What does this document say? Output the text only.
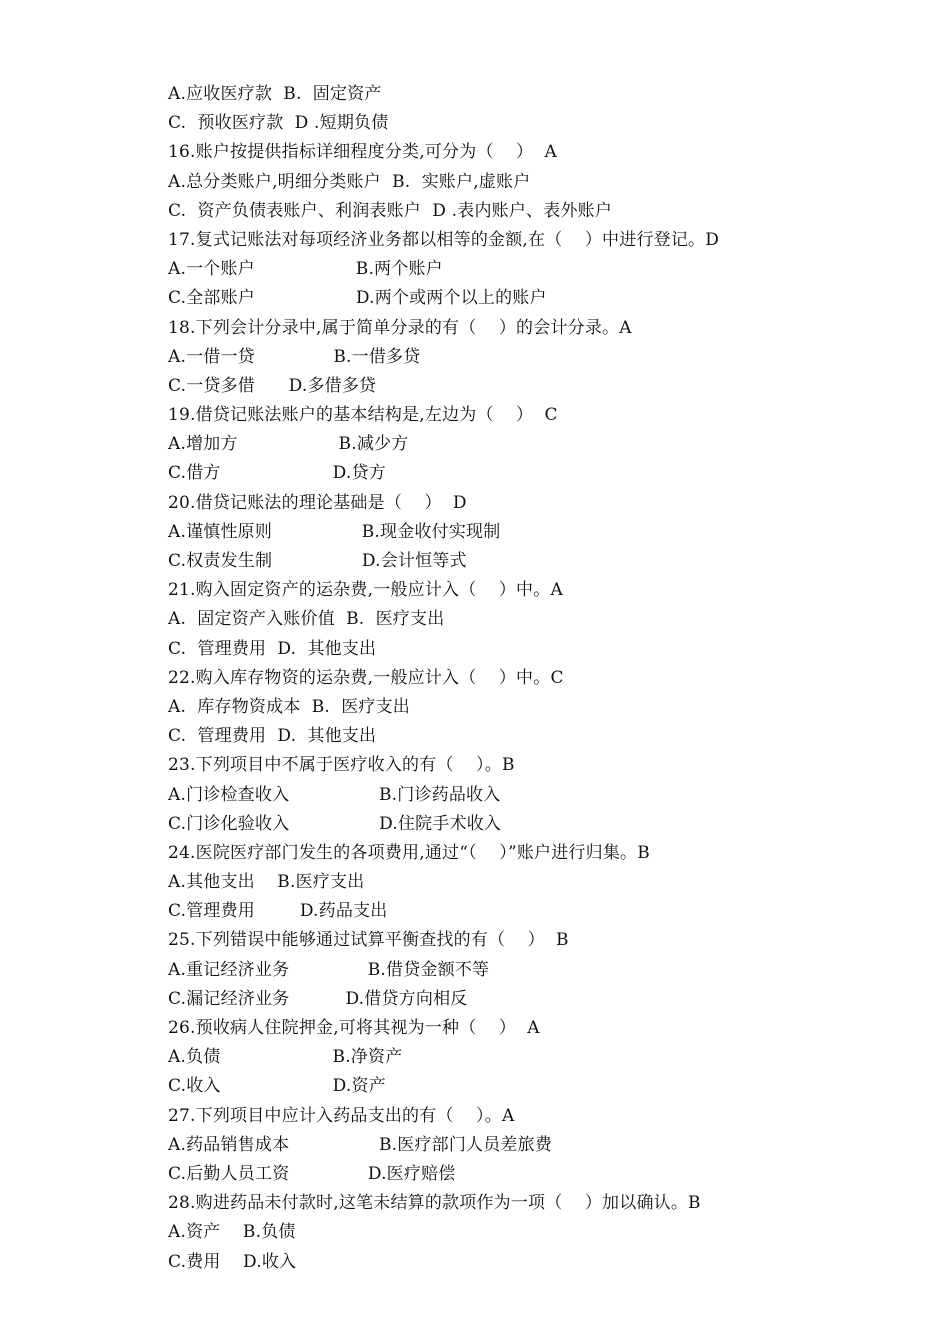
A.应收医疗款  B.  固定资产
C.  预收医疗款  D .短期负债
16.账户按提供指标详细程度分类,可分为（    ）  A
A.总分类账户,明细分类账户  B.  实账户,虚账户
C.  资产负债表账户、利润表账户  D .表内账户、表外账户
17.复式记账法对每项经济业务都以相等的金额,在（    ）中进行登记。D
A.一个账户                  B.两个账户
C.全部账户                  D.两个或两个以上的账户
18.下列会计分录中,属于简单分录的有（    ）的会计分录。A
A.一借一贷              B.一借多贷
C.一贷多借      D.多借多贷
19.借贷记账法账户的基本结构是,左边为（    ）  C
A.增加方                  B.减少方
C.借方                    D.贷方
20.借贷记账法的理论基础是（    ）  D
A.谨慎性原则                B.现金收付实现制
C.权责发生制                D.会计恒等式
21.购入固定资产的运杂费,一般应计入（    ）中。A
A.  固定资产入账价值  B.  医疗支出
C.  管理费用  D.  其他支出
22.购入库存物资的运杂费,一般应计入（    ）中。C
A.  库存物资成本  B.  医疗支出
C.  管理费用  D.  其他支出
23.下列项目中不属于医疗收入的有（    ）。B
A.门诊检查收入                B.门诊药品收入
C.门诊化验收入                D.住院手术收入
24.医院医疗部门发生的各项费用,通过“（    ）”账户进行归集。B
A.其他支出    B.医疗支出
C.管理费用        D.药品支出
25.下列错误中能够通过试算平衡查找的有（    ）  B
A.重记经济业务              B.借贷金额不等
C.漏记经济业务          D.借贷方向相反
26.预收病人住院押金,可将其视为一种（    ）  A
A.负债                    B.净资产
C.收入                    D.资产
27.下列项目中应计入药品支出的有（    ）。A
A.药品销售成本                B.医疗部门人员差旅费
C.后勤人员工资              D.医疗赔偿
28.购进药品未付款时,这笔未结算的款项作为一项（    ）加以确认。B
A.资产    B.负债
C.费用    D.收入
